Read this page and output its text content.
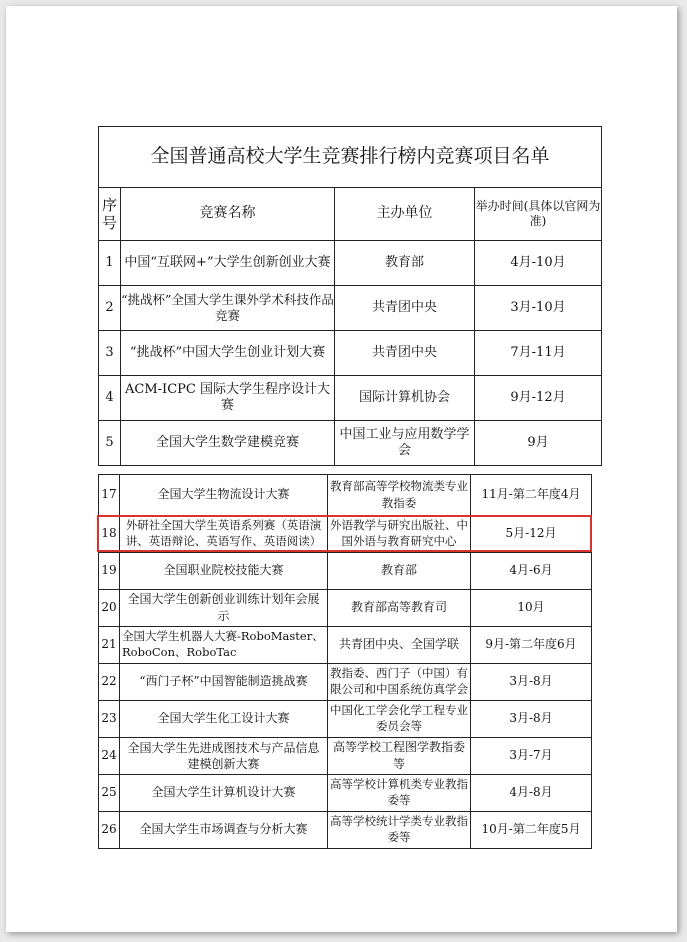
全国普通高校大学生竞赛排行榜内竞赛项目名单			
序号	竞赛名称	主办单位	举办时间(具体以官网为准)
1	中国“互联网+”大学生创新创业大赛	教育部	4月-10月
2	“挑战杯”全国大学生课外学术科技作品竞赛	共青团中央	3月-10月
3	“挑战杯”中国大学生创业计划大赛	共青团中央	7月-11月
4	ACM-ICPC 国际大学生程序设计大赛	国际计算机协会	9月-12月
5	全国大学生数学建模竞赛	中国工业与应用数学学会	9月
17	全国大学生物流设计大赛	教育部高等学校物流类专业教指委	11月-第二年度4月
18	外研社全国大学生英语系列赛（英语演讲、英语辩论、英语写作、英语阅读）	外语教学与研究出版社、中国外语与教育研究中心	5月-12月
19	全国职业院校技能大赛	教育部	4月-6月
20	全国大学生创新创业训练计划年会展示	教育部高等教育司	10月
21	全国大学生机器人大赛-RoboMaster、RoboCon、RoboTac	共青团中央、全国学联	9月-第二年度6月
22	“西门子杯”中国智能制造挑战赛	教指委、西门子（中国）有限公司和中国系统仿真学会	3月-8月
23	全国大学生化工设计大赛	中国化工学会化学工程专业委员会等	3月-8月
24	全国大学生先进成图技术与产品信息建模创新大赛	高等学校工程图学教指委等	3月-7月
25	全国大学生计算机设计大赛	高等学校计算机类专业教指委等	4月-8月
26	全国大学生市场调查与分析大赛	高等学校统计学类专业教指委等	10月-第二年度5月
